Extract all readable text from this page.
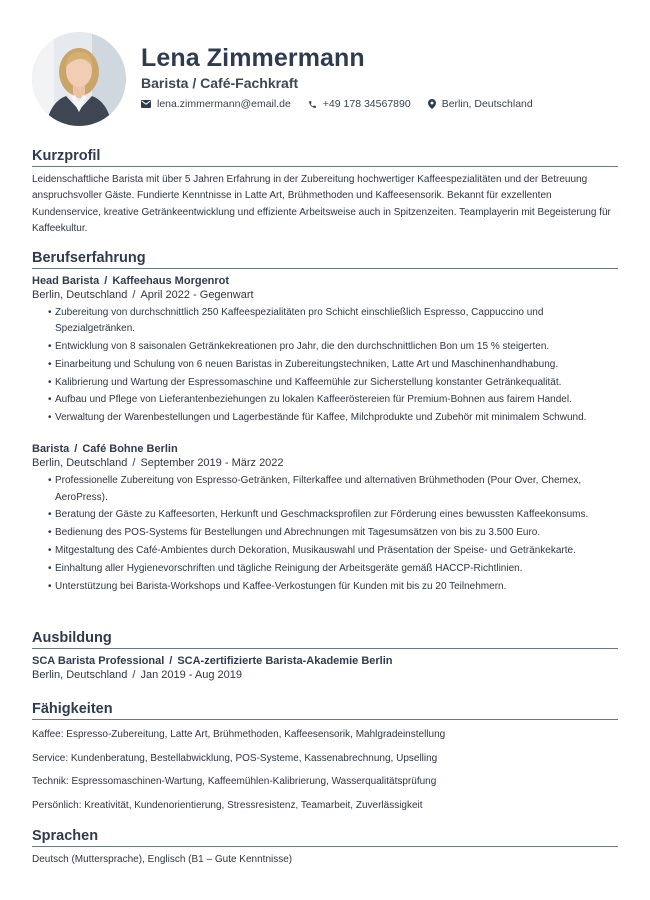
Lena Zimmermann
Barista / Café-Fachkraft
lena.zimmermann@email.de	+49 178 34567890	Berlin, Deutschland
Kurzprofil
Leidenschaftliche Barista mit über 5 Jahren Erfahrung in der Zubereitung hochwertiger Kaffeespezialitäten und der Betreuung anspruchsvoller Gäste. Fundierte Kenntnisse in Latte Art, Brühmethoden und Kaffeesensorik. Bekannt für exzellenten Kundenservice, kreative Getränkeentwicklung und effiziente Arbeitsweise auch in Spitzenzeiten. Teamplayerin mit Begeisterung für Kaffeekultur.
Berufserfahrung
Head Barista / Kaffeehaus Morgenrot
Berlin, Deutschland / April 2022 - Gegenwart
• Zubereitung von durchschnittlich 250 Kaffeespezialitäten pro Schicht einschließlich Espresso, Cappuccino und Spezialgetränken.
• Entwicklung von 8 saisonalen Getränkekreationen pro Jahr, die den durchschnittlichen Bon um 15 % steigerten.
• Einarbeitung und Schulung von 6 neuen Baristas in Zubereitungstechniken, Latte Art und Maschinenhandhabung.
• Kalibrierung und Wartung der Espressomaschine und Kaffeemühle zur Sicherstellung konstanter Getränkequalität.
• Aufbau und Pflege von Lieferantenbeziehungen zu lokalen Kaffeeröstereien für Premium-Bohnen aus fairem Handel.
• Verwaltung der Warenbestellungen und Lagerbestände für Kaffee, Milchprodukte und Zubehör mit minimalem Schwund.
Barista / Café Bohne Berlin
Berlin, Deutschland / September 2019 - März 2022
• Professionelle Zubereitung von Espresso-Getränken, Filterkaffee und alternativen Brühmethoden (Pour Over, Chemex, AeroPress).
• Beratung der Gäste zu Kaffeesorten, Herkunft und Geschmacksprofilen zur Förderung eines bewussten Kaffeekonsums.
• Bedienung des POS-Systems für Bestellungen und Abrechnungen mit Tagesumsätzen von bis zu 3.500 Euro.
• Mitgestaltung des Café-Ambientes durch Dekoration, Musikauswahl und Präsentation der Speise- und Getränkekarte.
• Einhaltung aller Hygienevorschriften und tägliche Reinigung der Arbeitsgeräte gemäß HACCP-Richtlinien.
• Unterstützung bei Barista-Workshops und Kaffee-Verkostungen für Kunden mit bis zu 20 Teilnehmern.
Ausbildung
SCA Barista Professional / SCA-zertifizierte Barista-Akademie Berlin
Berlin, Deutschland / Jan 2019 - Aug 2019
Fähigkeiten
Kaffee: Espresso-Zubereitung, Latte Art, Brühmethoden, Kaffeesensorik, Mahlgradeinstellung
Service: Kundenberatung, Bestellabwicklung, POS-Systeme, Kassenabrechnung, Upselling
Technik: Espressomaschinen-Wartung, Kaffeemühlen-Kalibrierung, Wasserqualitätsprüfung
Persönlich: Kreativität, Kundenorientierung, Stressresistenz, Teamarbeit, Zuverlässigkeit
Sprachen
Deutsch (Muttersprache), Englisch (B1 – Gute Kenntnisse)
